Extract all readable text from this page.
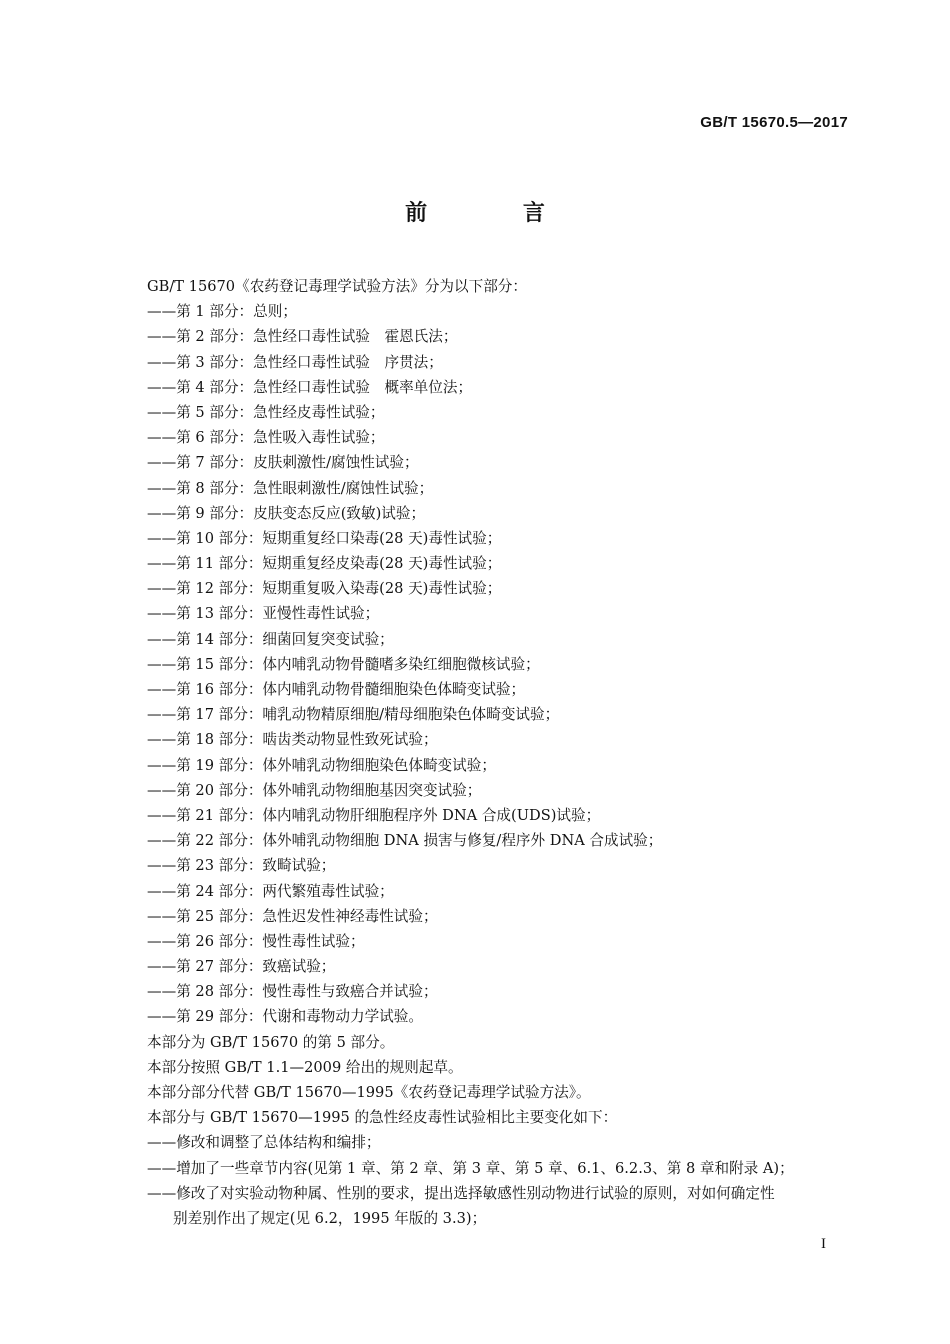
GB/T 15670.5—2017
前 言
GB/T 15670《农药登记毒理学试验方法》分为以下部分：
——第 1 部分：总则；
——第 2 部分：急性经口毒性试验　霍恩氏法；
——第 3 部分：急性经口毒性试验　序贯法；
——第 4 部分：急性经口毒性试验　概率单位法；
——第 5 部分：急性经皮毒性试验；
——第 6 部分：急性吸入毒性试验；
——第 7 部分：皮肤刺激性/腐蚀性试验；
——第 8 部分：急性眼刺激性/腐蚀性试验；
——第 9 部分：皮肤变态反应(致敏)试验；
——第 10 部分：短期重复经口染毒(28 天)毒性试验；
——第 11 部分：短期重复经皮染毒(28 天)毒性试验；
——第 12 部分：短期重复吸入染毒(28 天)毒性试验；
——第 13 部分：亚慢性毒性试验；
——第 14 部分：细菌回复突变试验；
——第 15 部分：体内哺乳动物骨髓嗜多染红细胞微核试验；
——第 16 部分：体内哺乳动物骨髓细胞染色体畸变试验；
——第 17 部分：哺乳动物精原细胞/精母细胞染色体畸变试验；
——第 18 部分：啮齿类动物显性致死试验；
——第 19 部分：体外哺乳动物细胞染色体畸变试验；
——第 20 部分：体外哺乳动物细胞基因突变试验；
——第 21 部分：体内哺乳动物肝细胞程序外 DNA 合成(UDS)试验；
——第 22 部分：体外哺乳动物细胞 DNA 损害与修复/程序外 DNA 合成试验；
——第 23 部分：致畸试验；
——第 24 部分：两代繁殖毒性试验；
——第 25 部分：急性迟发性神经毒性试验；
——第 26 部分：慢性毒性试验；
——第 27 部分：致癌试验；
——第 28 部分：慢性毒性与致癌合并试验；
——第 29 部分：代谢和毒物动力学试验。
本部分为 GB/T 15670 的第 5 部分。
本部分按照 GB/T 1.1—2009 给出的规则起草。
本部分部分代替 GB/T 15670—1995《农药登记毒理学试验方法》。
本部分与 GB/T 15670—1995 的急性经皮毒性试验相比主要变化如下：
——修改和调整了总体结构和编排；
——增加了一些章节内容(见第 1 章、第 2 章、第 3 章、第 5 章、6.1、6.2.3、第 8 章和附录 A)；
——修改了对实验动物种属、性别的要求，提出选择敏感性别动物进行试验的原则，对如何确定性
别差别作出了规定(见 6.2，1995 年版的 3.3)；
I
